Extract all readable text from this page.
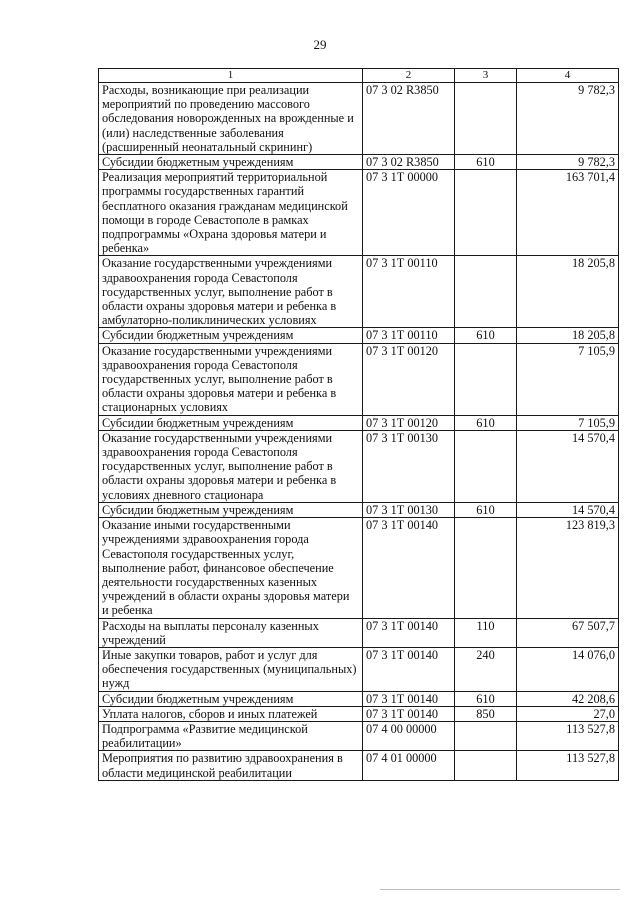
29
1	2	3	4
Расходы, возникающие при реализации мероприятий по проведению массового обследования новорожденных на врожденные и (или) наследственные заболевания (расширенный неонатальный скрининг)	07 3 02 R3850		9 782,3
Субсидии бюджетным учреждениям	07 3 02 R3850	610	9 782,3
Реализация мероприятий территориальной программы государственных гарантий бесплатного оказания гражданам медицинской помощи в городе Севастополе в рамках подпрограммы «Охрана здоровья матери и ребенка»	07 3 1Т 00000		163 701,4
Оказание государственными учреждениями здравоохранения города Севастополя государственных услуг, выполнение работ в области охраны здоровья матери и ребенка в амбулаторно-поликлинических условиях	07 3 1Т 00110		18 205,8
Субсидии бюджетным учреждениям	07 3 1Т 00110	610	18 205,8
Оказание государственными учреждениями здравоохранения города Севастополя государственных услуг, выполнение работ в области охраны здоровья матери и ребенка в стационарных условиях	07 3 1Т 00120		7 105,9
Субсидии бюджетным учреждениям	07 3 1Т 00120	610	7 105,9
Оказание государственными учреждениями здравоохранения города Севастополя государственных услуг, выполнение работ в области охраны здоровья матери и ребенка в условиях дневного стационара	07 3 1Т 00130		14 570,4
Субсидии бюджетным учреждениям	07 3 1Т 00130	610	14 570,4
Оказание иными государственными учреждениями здравоохранения города Севастополя государственных услуг, выполнение работ, финансовое обеспечение деятельности государственных казенных учреждений в области охраны здоровья матери и ребенка	07 3 1Т 00140		123 819,3
Расходы на выплаты персоналу казенных учреждений	07 3 1Т 00140	110	67 507,7
Иные закупки товаров, работ и услуг для обеспечения государственных (муниципальных) нужд	07 3 1Т 00140	240	14 076,0
Субсидии бюджетным учреждениям	07 3 1Т 00140	610	42 208,6
Уплата налогов, сборов и иных платежей	07 3 1Т 00140	850	27,0
Подпрограмма «Развитие медицинской реабилитации»	07 4 00 00000		113 527,8
Мероприятия по развитию здравоохранения в области медицинской реабилитации	07 4 01 00000		113 527,8
